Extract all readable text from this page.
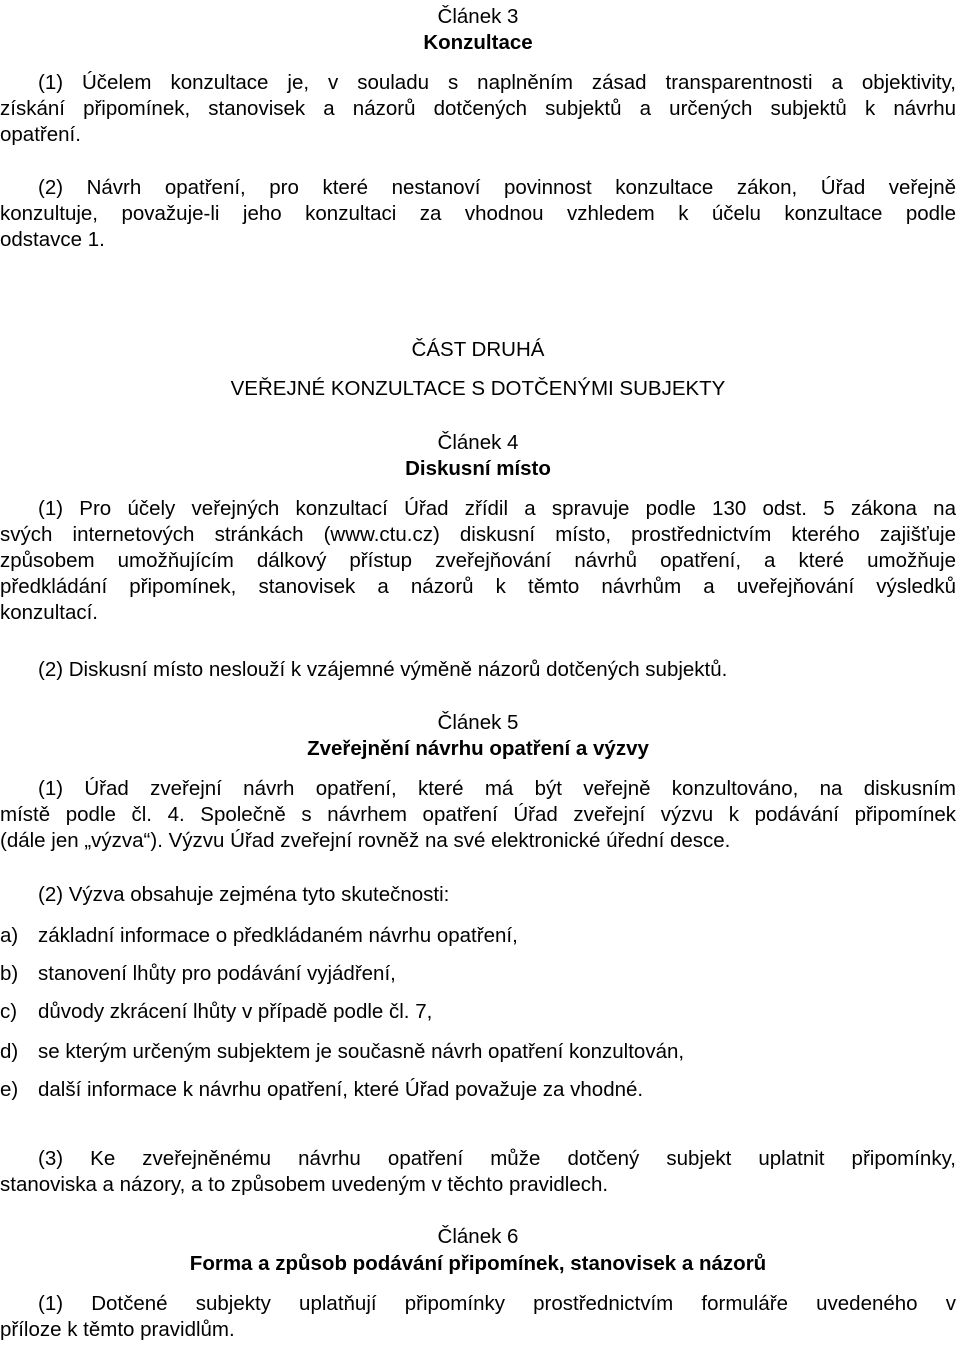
Článek 3
Konzultace
(1) Účelem konzultace je, v souladu s naplněním zásad transparentnosti a objektivity,
získání připomínek, stanovisek a názorů dotčených subjektů a určených subjektů k návrhu
opatření.
(2) Návrh opatření, pro které nestanoví povinnost konzultace zákon, Úřad veřejně
konzultuje, považuje-li jeho konzultaci za vhodnou vzhledem k účelu konzultace podle
odstavce 1.
ČÁST DRUHÁ
VEŘEJNÉ KONZULTACE S DOTČENÝMI SUBJEKTY
Článek 4
Diskusní místo
(1) Pro účely veřejných konzultací Úřad zřídil a spravuje podle 130 odst. 5 zákona na
svých internetových stránkách (www.ctu.cz) diskusní místo, prostřednictvím kterého zajišťuje
způsobem umožňujícím dálkový přístup zveřejňování návrhů opatření, a které umožňuje
předkládání připomínek, stanovisek a názorů k těmto návrhům a uveřejňování výsledků
konzultací.
(2) Diskusní místo neslouží k vzájemné výměně názorů dotčených subjektů.
Článek 5
Zveřejnění návrhu opatření a výzvy
(1) Úřad zveřejní návrh opatření, které má být veřejně konzultováno, na diskusním
místě podle čl. 4. Společně s návrhem opatření Úřad zveřejní výzvu k podávání připomínek
(dále jen „výzva“). Výzvu Úřad zveřejní rovněž na své elektronické úřední desce.
(2) Výzva obsahuje zejména tyto skutečnosti:
a) základní informace o předkládaném návrhu opatření,
b) stanovení lhůty pro podávání vyjádření,
c) důvody zkrácení lhůty v případě podle čl. 7,
d) se kterým určeným subjektem je současně návrh opatření konzultován,
e) další informace k návrhu opatření, které Úřad považuje za vhodné.
(3) Ke zveřejněnému návrhu opatření může dotčený subjekt uplatnit připomínky,
stanoviska a názory, a to způsobem uvedeným v těchto pravidlech.
Článek 6
Forma a způsob podávání připomínek, stanovisek a názorů
(1) Dotčené subjekty uplatňují připomínky prostřednictvím formuláře uvedeného v
příloze k těmto pravidlům.
